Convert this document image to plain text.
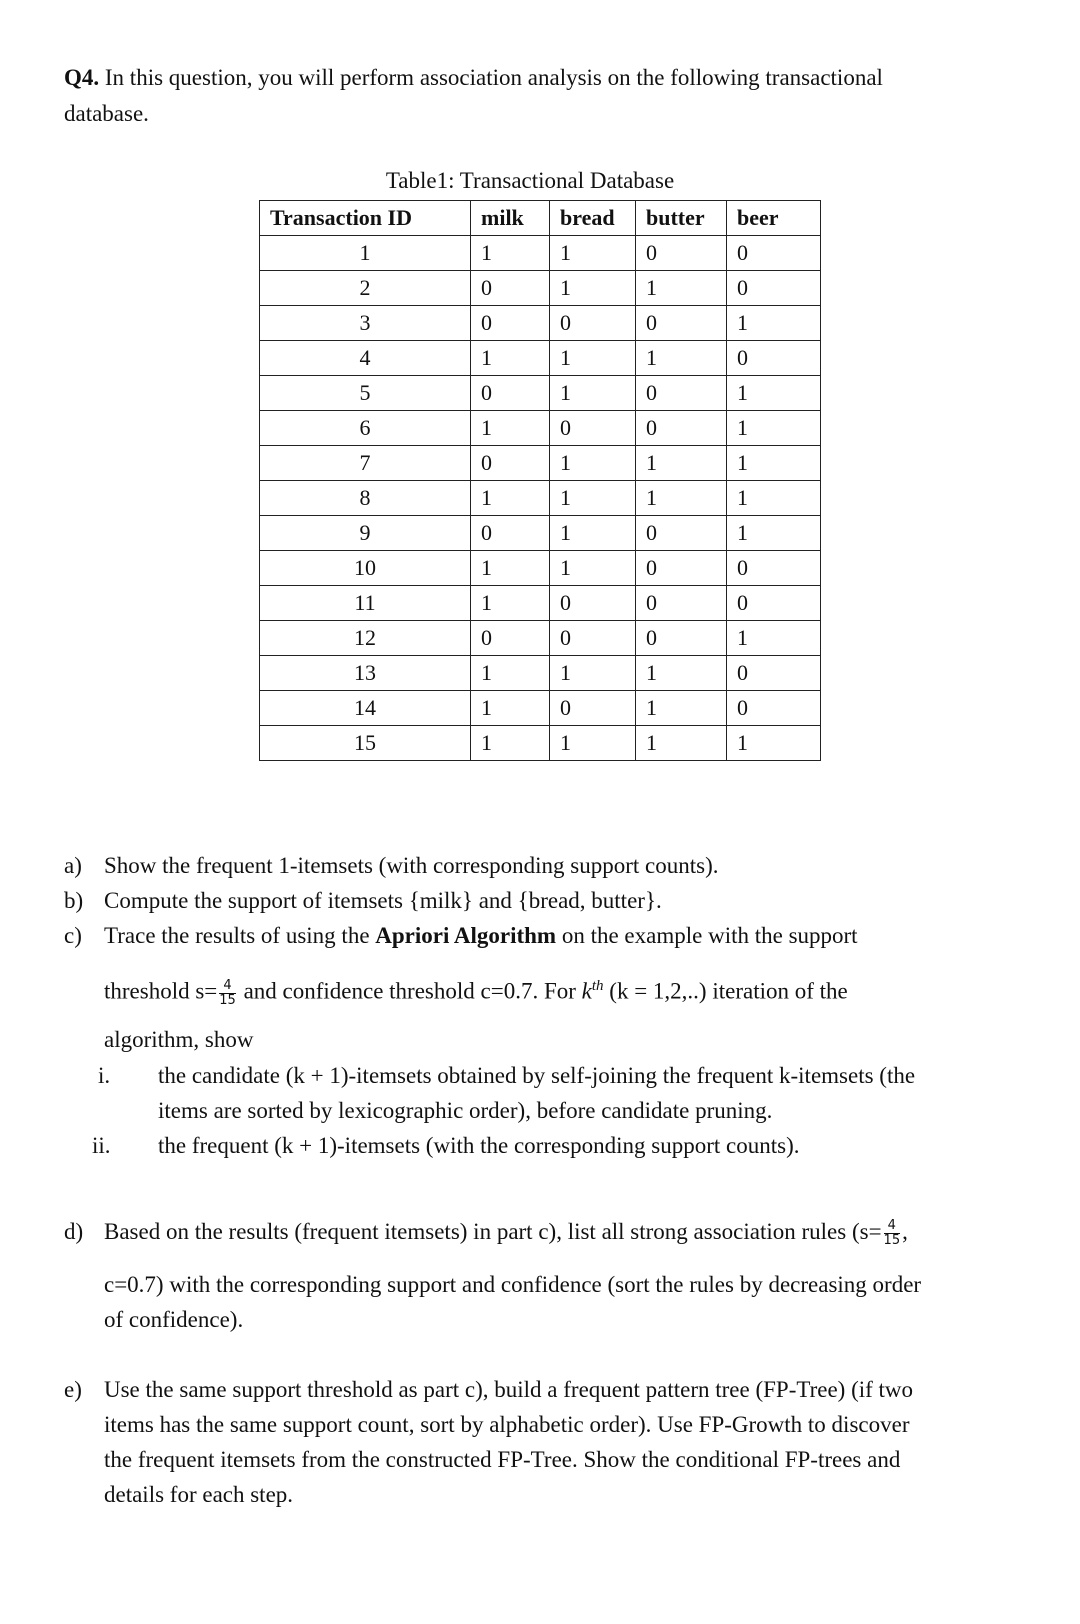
Q4. In this question, you will perform association analysis on the following transactional
database.
Table1: Transactional Database
Transaction ID	milk	bread	butter	beer
1	1	1	0	0
2	0	1	1	0
3	0	0	0	1
4	1	1	1	0
5	0	1	0	1
6	1	0	0	1
7	0	1	1	1
8	1	1	1	1
9	0	1	0	1
10	1	1	0	0
11	1	0	0	0
12	0	0	0	1
13	1	1	1	0
14	1	0	1	0
15	1	1	1	1
a) Show the frequent 1-itemsets (with corresponding support counts).
b) Compute the support of itemsets {milk} and {bread, butter}.
c) Trace the results of using the Apriori Algorithm on the example with the support
threshold $s= \frac{4}{15}$ and confidence threshold c=0.7. For $k^{th}$ (k = 1,2,..) iteration of the
algorithm, show
i. the candidate (k + 1)-itemsets obtained by self-joining the frequent k-itemsets (the
items are sorted by lexicographic order), before candidate pruning.
ii. the frequent (k + 1)-itemsets (with the corresponding support counts).
d) Based on the results (frequent itemsets) in part c), list all strong association rules ($s= \frac{4}{15}$ ,
c=0.7) with the corresponding support and confidence (sort the rules by decreasing order
of confidence).
e) Use the same support threshold as part c), build a frequent pattern tree (FP-Tree) (if two
items has the same support count, sort by alphabetic order). Use FP-Growth to discover
the frequent itemsets from the constructed FP-Tree. Show the conditional FP-trees and
details for each step.
